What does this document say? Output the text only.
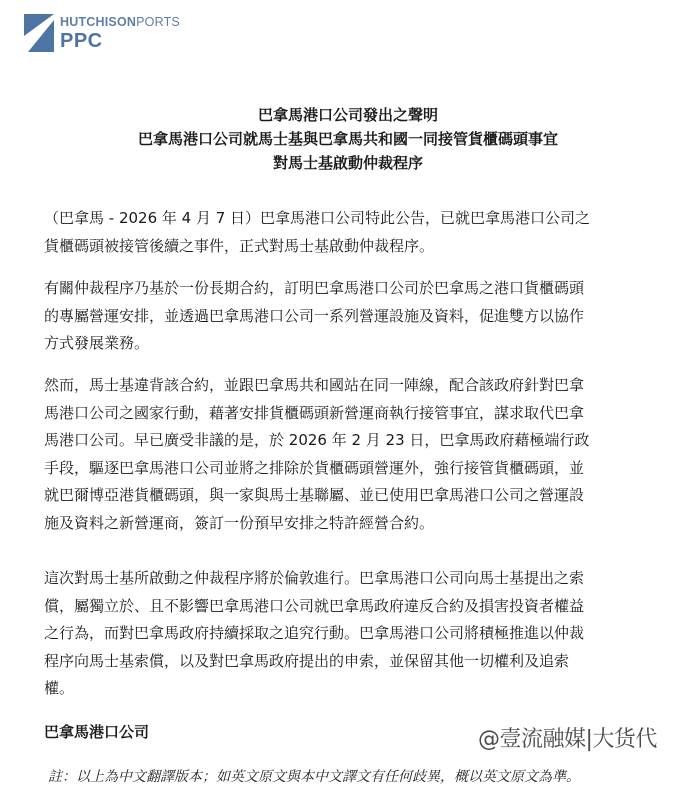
HUTCHISONPORTS
PPC
巴拿馬港口公司發出之聲明
巴拿馬港口公司就馬士基與巴拿馬共和國一同接管貨櫃碼頭事宜
對馬士基啟動仲裁程序
（巴拿馬 - 2026 年 4 月 7 日）巴拿馬港口公司特此公告，已就巴拿馬港口公司之
貨櫃碼頭被接管後續之事件，正式對馬士基啟動仲裁程序。
有關仲裁程序乃基於一份長期合約，訂明巴拿馬港口公司於巴拿馬之港口貨櫃碼頭
的專屬營運安排，並透過巴拿馬港口公司一系列營運設施及資料，促進雙方以協作
方式發展業務。
然而，馬士基違背該合約，並跟巴拿馬共和國站在同一陣線，配合該政府針對巴拿
馬港口公司之國家行動，藉著安排貨櫃碼頭新營運商執行接管事宜，謀求取代巴拿
馬港口公司。早已廣受非議的是，於 2026 年 2 月 23 日，巴拿馬政府藉極端行政
手段，驅逐巴拿馬港口公司並將之排除於貨櫃碼頭營運外，強行接管貨櫃碼頭，並
就巴爾博亞港貨櫃碼頭，與一家與馬士基聯屬、並已使用巴拿馬港口公司之營運設
施及資料之新營運商，簽訂一份預早安排之特許經營合約。
這次對馬士基所啟動之仲裁程序將於倫敦進行。巴拿馬港口公司向馬士基提出之索
償，屬獨立於、且不影響巴拿馬港口公司就巴拿馬政府違反合約及損害投資者權益
之行為，而對巴拿馬政府持續採取之追究行動。巴拿馬港口公司將積極推進以仲裁
程序向馬士基索償，以及對巴拿馬政府提出的申索，並保留其他一切權利及追索
權。
巴拿馬港口公司	@壹流融媒|大货代
註：以上為中文翻譯版本；如英文原文與本中文譯文有任何歧異，概以英文原文為準。
